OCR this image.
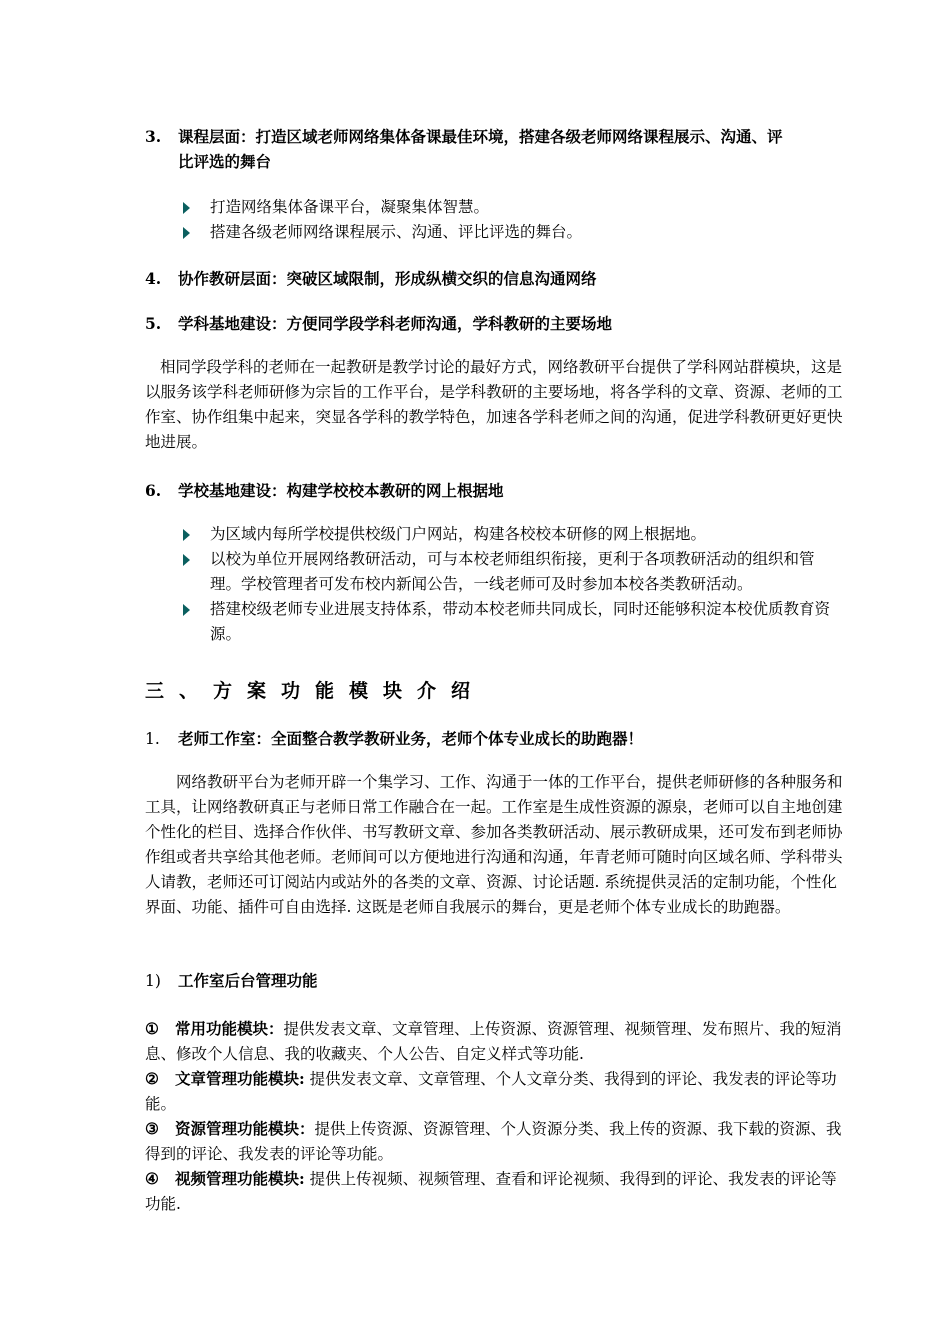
3. 课程层面：打造区域老师网络集体备课最佳环境，搭建各级老师网络课程展示、沟通、评
比评选的舞台
打造网络集体备课平台，凝聚集体智慧。
搭建各级老师网络课程展示、沟通、评比评选的舞台。
4. 协作教研层面：突破区域限制，形成纵横交织的信息沟通网络
5. 学科基地建设：方便同学段学科老师沟通，学科教研的主要场地

相同学段学科的老师在一起教研是教学讨论的最好方式，网络教研平台提供了学科网站群模块，这是以服务该学科老师研修为宗旨的工作平台，是学科教研的主要场地，将各学科的文章、资源、老师的工作室、协作组集中起来，突显各学科的教学特色，加速各学科老师之间的沟通，促进学科教研更好更快地进展。

6. 学校基地建设：构建学校校本教研的网上根据地
为区域内每所学校提供校级门户网站，构建各校校本研修的网上根据地。
以校为单位开展网络教研活动，可与本校老师组织衔接，更利于各项教研活动的组织和管理。学校管理者可发布校内新闻公告，一线老师可及时参加本校各类教研活动。
搭建校级老师专业进展支持体系，带动本校老师共同成长，同时还能够积淀本校优质教育资源。
三、方案功能模块介绍
1. 老师工作室：全面整合教学教研业务，老师个体专业成长的助跑器！

网络教研平台为老师开辟一个集学习、工作、沟通于一体的工作平台，提供老师研修的各种服务和工具，让网络教研真正与老师日常工作融合在一起。工作室是生成性资源的源泉，老师可以自主地创建个性化的栏目、选择合作伙伴、书写教研文章、参加各类教研活动、展示教研成果，还可发布到老师协作组或者共享给其他老师。老师间可以方便地进行沟通和沟通，年青老师可随时向区域名师、学科带头人请教，老师还可订阅站内或站外的各类的文章、资源、讨论话题. 系统提供灵活的定制功能，个性化界面、功能、插件可自由选择. 这既是老师自我展示的舞台，更是老师个体专业成长的助跑器。

1) 工作室后台管理功能

① 常用功能模块：提供发表文章、文章管理、上传资源、资源管理、视频管理、发布照片、我的短消息、修改个人信息、我的收藏夹、个人公告、自定义样式等功能.

② 文章管理功能模块: 提供发表文章、文章管理、个人文章分类、我得到的评论、我发表的评论等功能。

③ 资源管理功能模块：提供上传资源、资源管理、个人资源分类、我上传的资源、我下载的资源、我得到的评论、我发表的评论等功能。

④ 视频管理功能模块: 提供上传视频、视频管理、查看和评论视频、我得到的评论、我发表的评论等功能.
